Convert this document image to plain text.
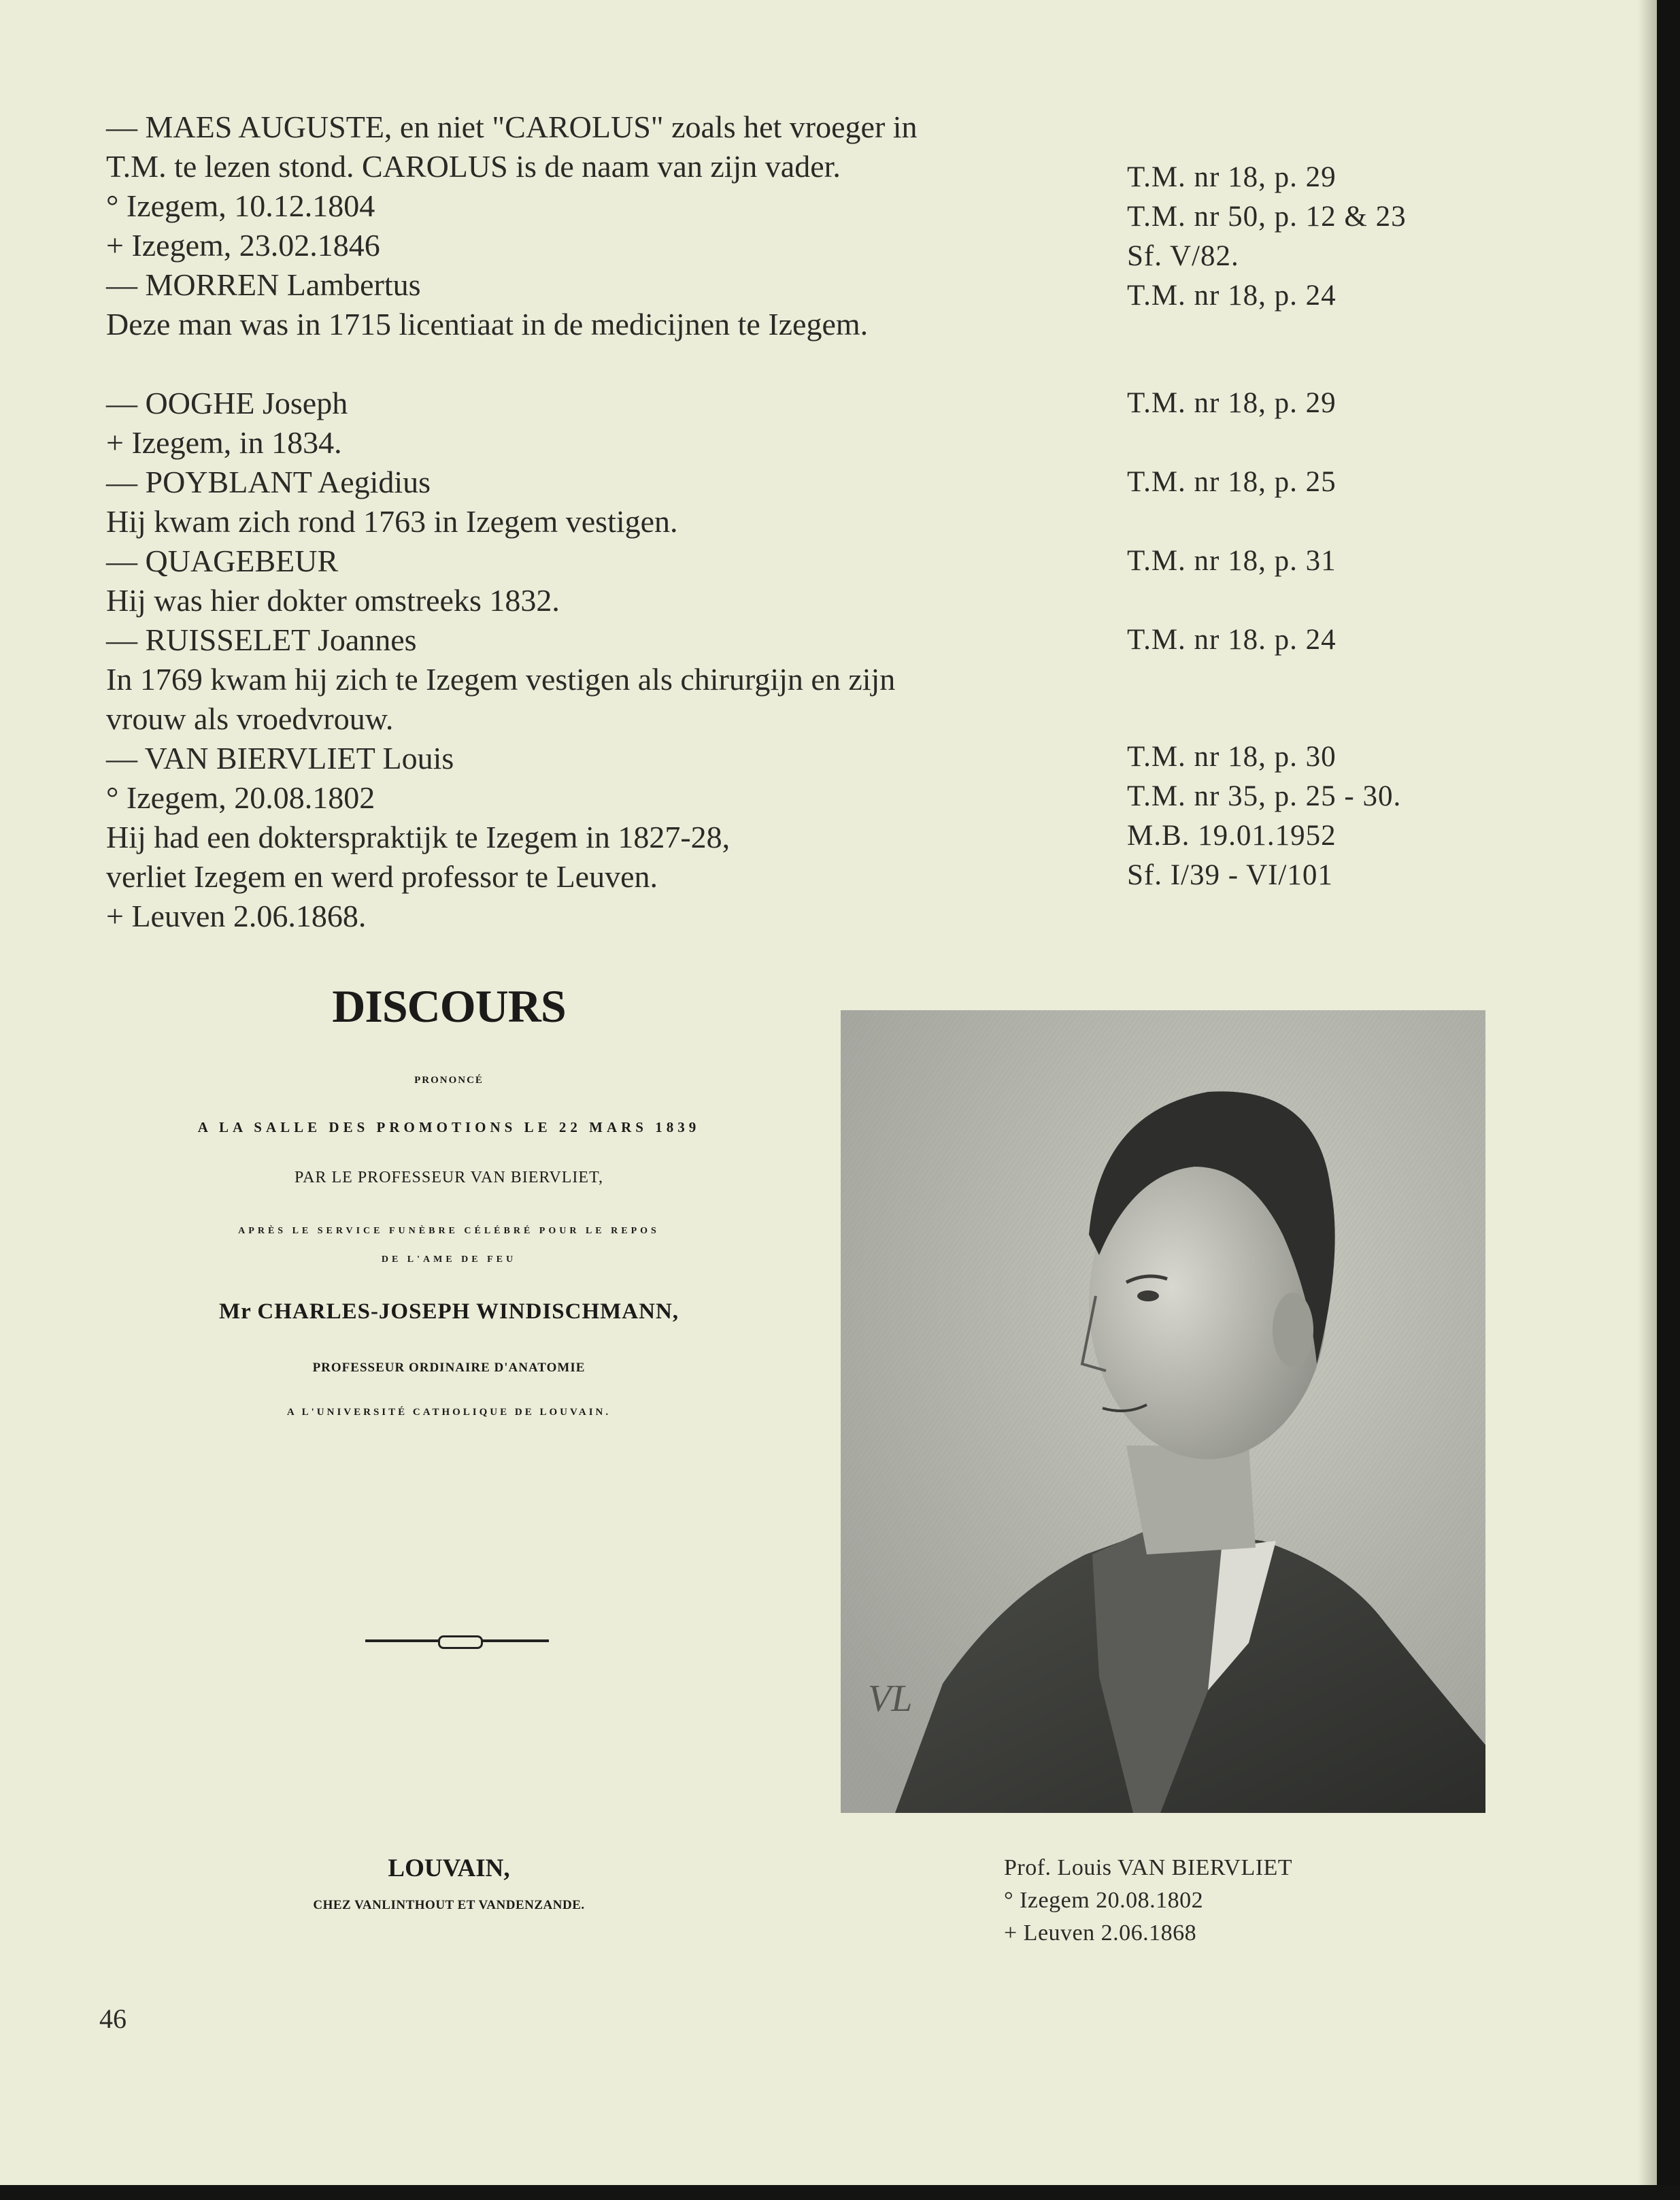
— MAES AUGUSTE, en niet "CAROLUS" zoals het vroeger in
T.M. te lezen stond. CAROLUS is de naam van zijn vader.
° Izegem, 10.12.1804
+ Izegem, 23.02.1846
— MORREN Lambertus
Deze man was in 1715 licentiaat in de medicijnen te Izegem.
— OOGHE Joseph
+ Izegem, in 1834.
— POYBLANT Aegidius
Hij kwam zich rond 1763 in Izegem vestigen.
— QUAGEBEUR
Hij was hier dokter omstreeks 1832.
— RUISSELET Joannes
In 1769 kwam hij zich te Izegem vestigen als chirurgijn en zijn
vrouw als vroedvrouw.
— VAN BIERVLIET Louis
° Izegem, 20.08.1802
Hij had een dokterspraktijk te Izegem in 1827-28,
verliet Izegem en werd professor te Leuven.
+ Leuven 2.06.1868.
T.M. nr 18, p. 29
T.M. nr 50, p. 12 & 23
Sf. V/82.
T.M. nr 18, p. 24
T.M. nr 18, p. 29
T.M. nr 18, p. 25
T.M. nr 18, p. 31
T.M. nr 18. p. 24
T.M. nr 18, p. 30
T.M. nr 35, p. 25 - 30.
M.B. 19.01.1952
Sf. I/39 - VI/101
DISCOURS
PRONONCÉ
A LA SALLE DES PROMOTIONS LE 22 MARS 1839
PAR LE PROFESSEUR VAN BIERVLIET,
APRÈS LE SERVICE FUNÈBRE CÉLÉBRÉ POUR LE REPOS
DE L'AME DE FEU
Mr CHARLES-JOSEPH WINDISCHMANN,
PROFESSEUR ORDINAIRE D'ANATOMIE
A L'UNIVERSITÉ CATHOLIQUE DE LOUVAIN.
LOUVAIN,
CHEZ VANLINTHOUT ET VANDENZANDE.
VL
Prof. Louis VAN BIERVLIET
° Izegem 20.08.1802
+ Leuven 2.06.1868
46
